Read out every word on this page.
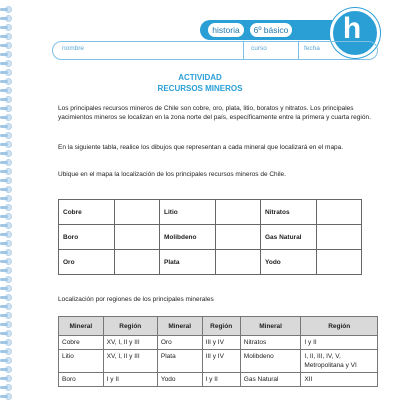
historia	6º básico	h
nombre	curso	fecha
ACTIVIDAD
RECURSOS MINEROS

Los principales recursos mineros de Chile son cobre, oro, plata, litio, boratos y nitratos. Los principales yacimientos mineros se localizan en la zona norte del país, específicamente entre la primera y cuarta región.

En la siguiente tabla, realice los dibujos que representan a cada mineral que localizará en el mapa.

Ubique en el mapa la localización de los principales recursos mineros de Chile.

Cobre		Litio		Nitratos	
Boro		Molibdeno		Gas Natural	
Oro		Plata		Yodo	
Localización por regiones de los principales minerales
Mineral	Región	Mineral	Región	Mineral	Región
Cobre	XV, I, II y III	Oro	III y IV	Nitratos	I y II
Litio	XV, I, II y III	Plata	III y IV	Molibdeno	I, II, III, IV, V, Metropolitana y VI
Boro	I y II	Yodo	I y II	Gas Natural	XII
